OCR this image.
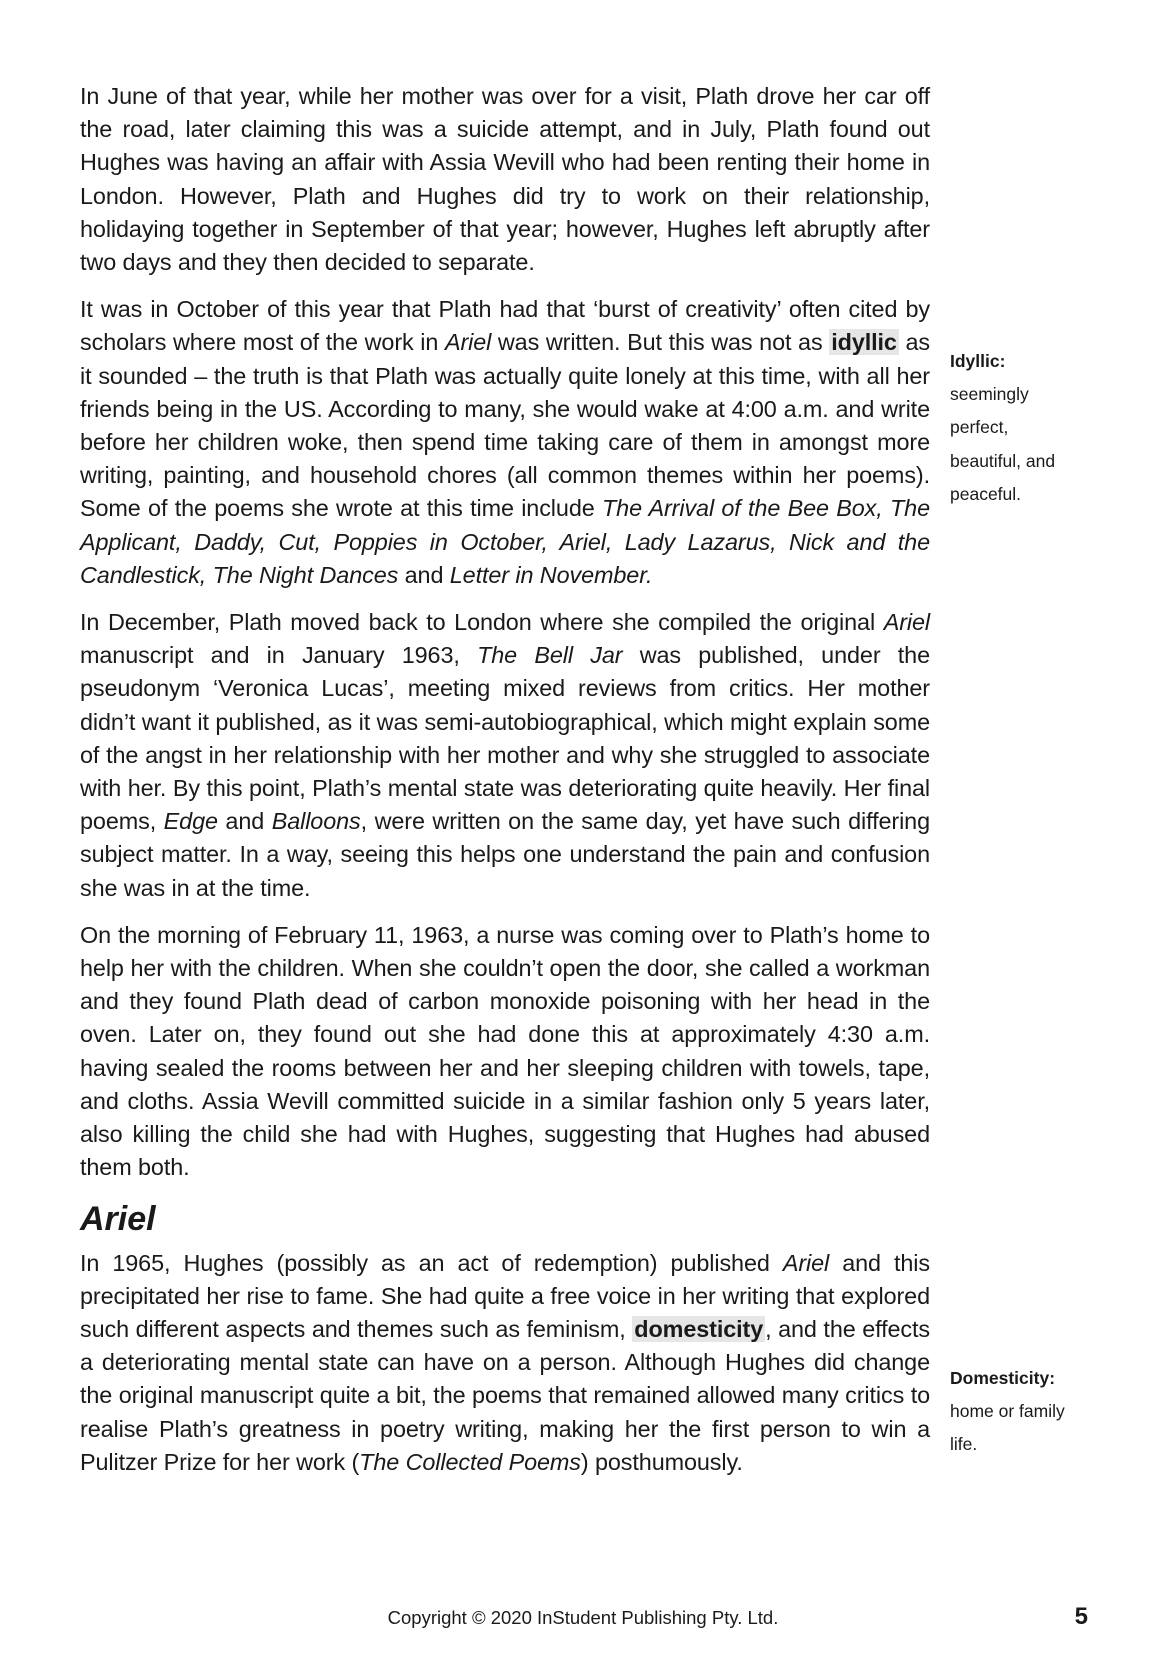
In June of that year, while her mother was over for a visit, Plath drove her car off the road, later claiming this was a suicide attempt, and in July, Plath found out Hughes was having an affair with Assia Wevill who had been renting their home in London. However, Plath and Hughes did try to work on their relationship, holidaying together in September of that year; however, Hughes left abruptly after two days and they then decided to separate.

It was in October of this year that Plath had that ‘burst of creativity’ often cited by scholars where most of the work in Ariel was written. But this was not as idyllic as it sounded – the truth is that Plath was actually quite lonely at this time, with all her friends being in the US. According to many, she would wake at 4:00 a.m. and write before her children woke, then spend time taking care of them in amongst more writing, painting, and household chores (all common themes within her poems). Some of the poems she wrote at this time include The Arrival of the Bee Box, The Applicant, Daddy, Cut, Poppies in October, Ariel, Lady Lazarus, Nick and the Candlestick, The Night Dances and Letter in November.

In December, Plath moved back to London where she compiled the original Ariel manuscript and in January 1963, The Bell Jar was published, under the pseudonym ‘Veronica Lucas’, meeting mixed reviews from critics. Her mother didn’t want it published, as it was semi-autobiographical, which might explain some of the angst in her relationship with her mother and why she struggled to associate with her. By this point, Plath’s mental state was deteriorating quite heavily. Her final poems, Edge and Balloons, were written on the same day, yet have such differing subject matter. In a way, seeing this helps one understand the pain and confusion she was in at the time.

On the morning of February 11, 1963, a nurse was coming over to Plath’s home to help her with the children. When she couldn’t open the door, she called a workman and they found Plath dead of carbon monoxide poisoning with her head in the oven. Later on, they found out she had done this at approximately 4:30 a.m. having sealed the rooms between her and her sleeping children with towels, tape, and cloths. Assia Wevill committed suicide in a similar fashion only 5 years later, also killing the child she had with Hughes, suggesting that Hughes had abused them both.

Ariel

In 1965, Hughes (possibly as an act of redemption) published Ariel and this precipitated her rise to fame. She had quite a free voice in her writing that explored such different aspects and themes such as feminism, domesticity, and the effects a deteriorating mental state can have on a person. Although Hughes did change the original manuscript quite a bit, the poems that remained allowed many critics to realise Plath’s greatness in poetry writing, making her the first person to win a Pulitzer Prize for her work (The Collected Poems) posthumously.

Idyllic:
seemingly
perfect,
beautiful, and
peaceful.
Domesticity:
home or family
life.
Copyright © 2020 InStudent Publishing Pty. Ltd.	5
